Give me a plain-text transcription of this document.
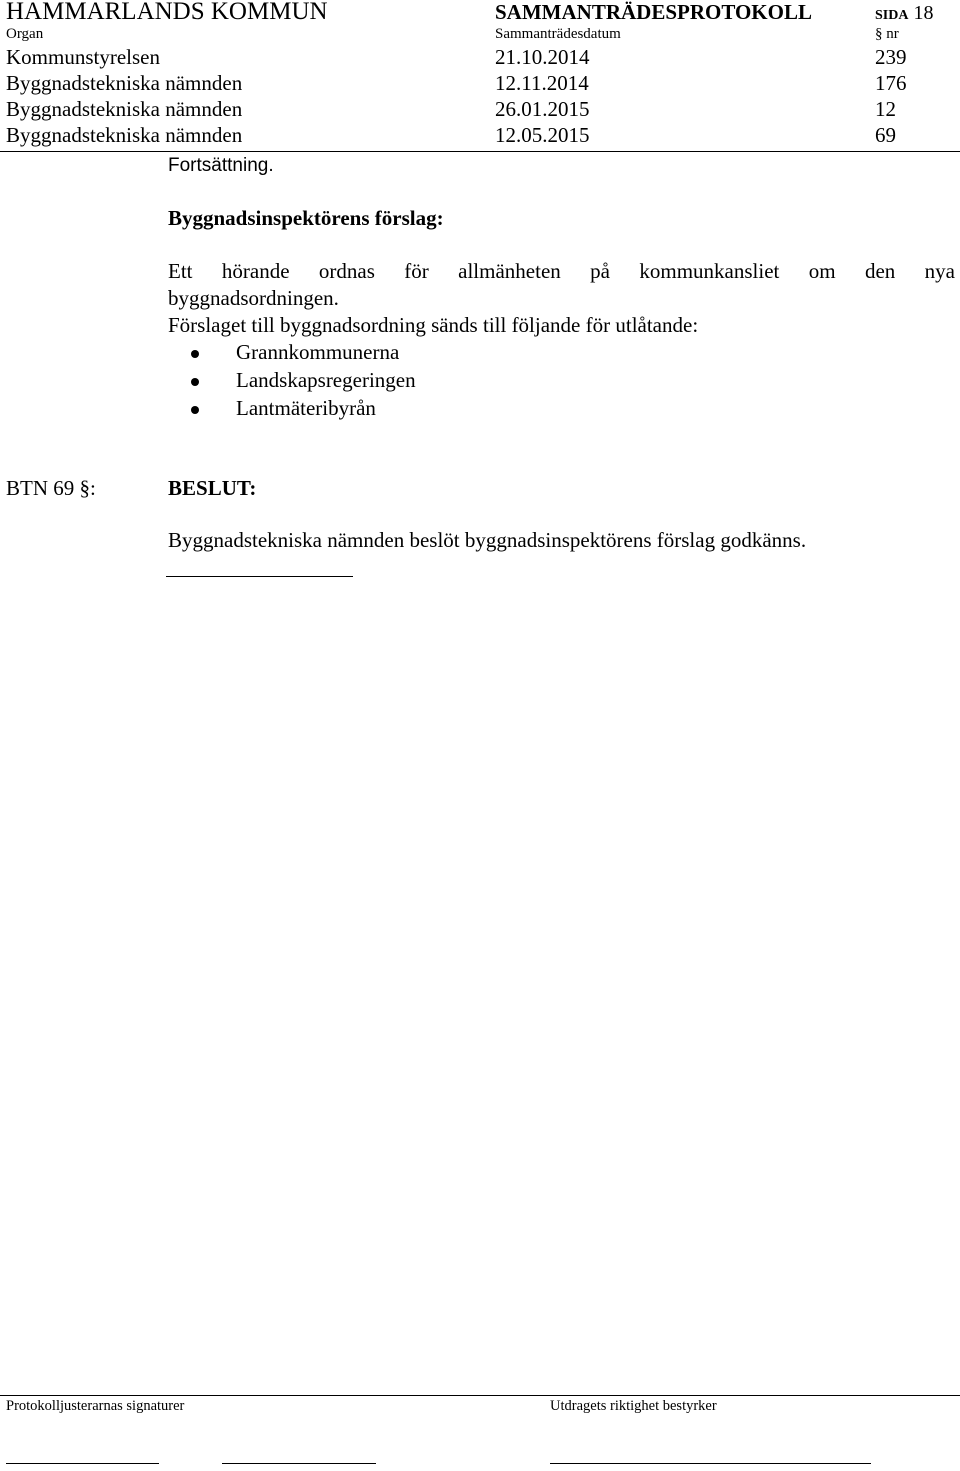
HAMMARLANDS KOMMUN	SAMMANTRÄDESPROTOKOLL	SIDA 18
Organ	Sammanträdesdatum	§ nr
Kommunstyrelsen	21.10.2014	239
Byggnadstekniska nämnden	12.11.2014	176
Byggnadstekniska nämnden	26.01.2015	12
Byggnadstekniska nämnden	12.05.2015	69
Fortsättning.
Byggnadsinspektörens förslag:
Ett hörande ordnas för allmänheten på kommunkansliet om den nya
byggnadsordningen.
Förslaget till byggnadsordning sänds till följande för utlåtande:
Grannkommunerna
Landskapsregeringen
Lantmäteribyrån
BTN 69 §:	BESLUT:
Byggnadstekniska nämnden beslöt byggnadsinspektörens förslag godkänns.
Protokolljusterarnas signaturer	Utdragets riktighet bestyrker
